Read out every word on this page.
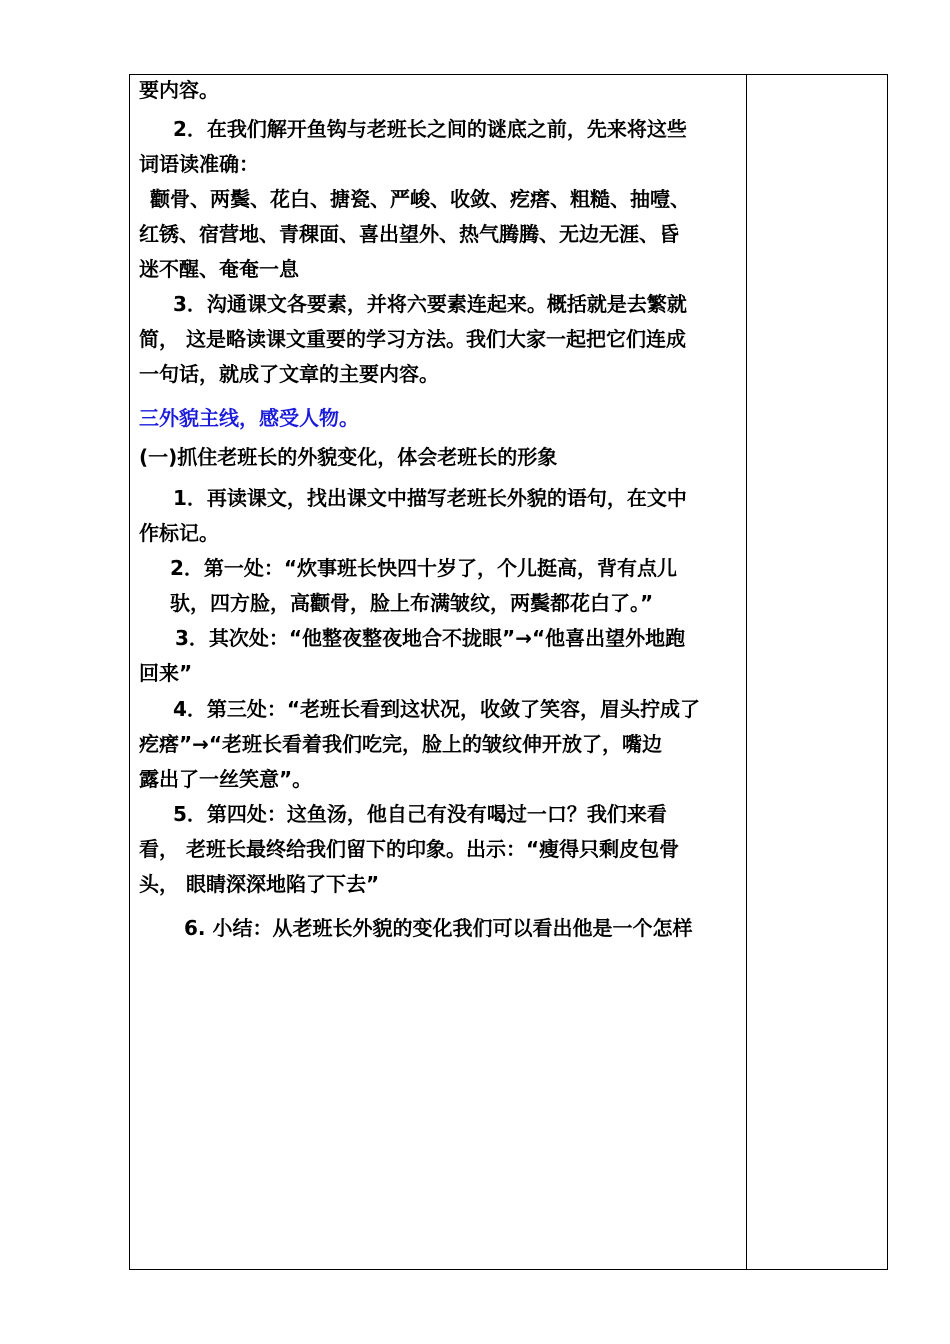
要内容。
2．在我们解开鱼钩与老班长之间的谜底之前，先来将这些
词语读准确：
颧骨、两鬓、花白、搪瓷、严峻、收敛、疙瘩、粗糙、抽噎、
红锈、宿营地、青稞面、喜出望外、热气腾腾、无边无涯、昏
迷不醒、奄奄一息
3．沟通课文各要素，并将六要素连起来。概括就是去繁就
简， 这是略读课文重要的学习方法。我们大家一起把它们连成
一句话，就成了文章的主要内容。
三外貌主线，感受人物。
(一)抓住老班长的外貌变化，体会老班长的形象
1．再读课文，找出课文中描写老班长外貌的语句，在文中
作标记。
2．第一处：“炊事班长快四十岁了，个儿挺高，背有点儿
驮，四方脸，高颧骨，脸上布满皱纹，两鬓都花白了。”
3．其次处：“他整夜整夜地合不拢眼”→“他喜出望外地跑
回来”
4．第三处：“老班长看到这状况，收敛了笑容，眉头拧成了
疙瘩”→“老班长看着我们吃完，脸上的皱纹伸开放了，嘴边
露出了一丝笑意”。
5．第四处：这鱼汤，他自己有没有喝过一口？我们来看
看， 老班长最终给我们留下的印象。出示：“瘦得只剩皮包骨
头， 眼睛深深地陷了下去”
6. 小结：从老班长外貌的变化我们可以看出他是一个怎样
